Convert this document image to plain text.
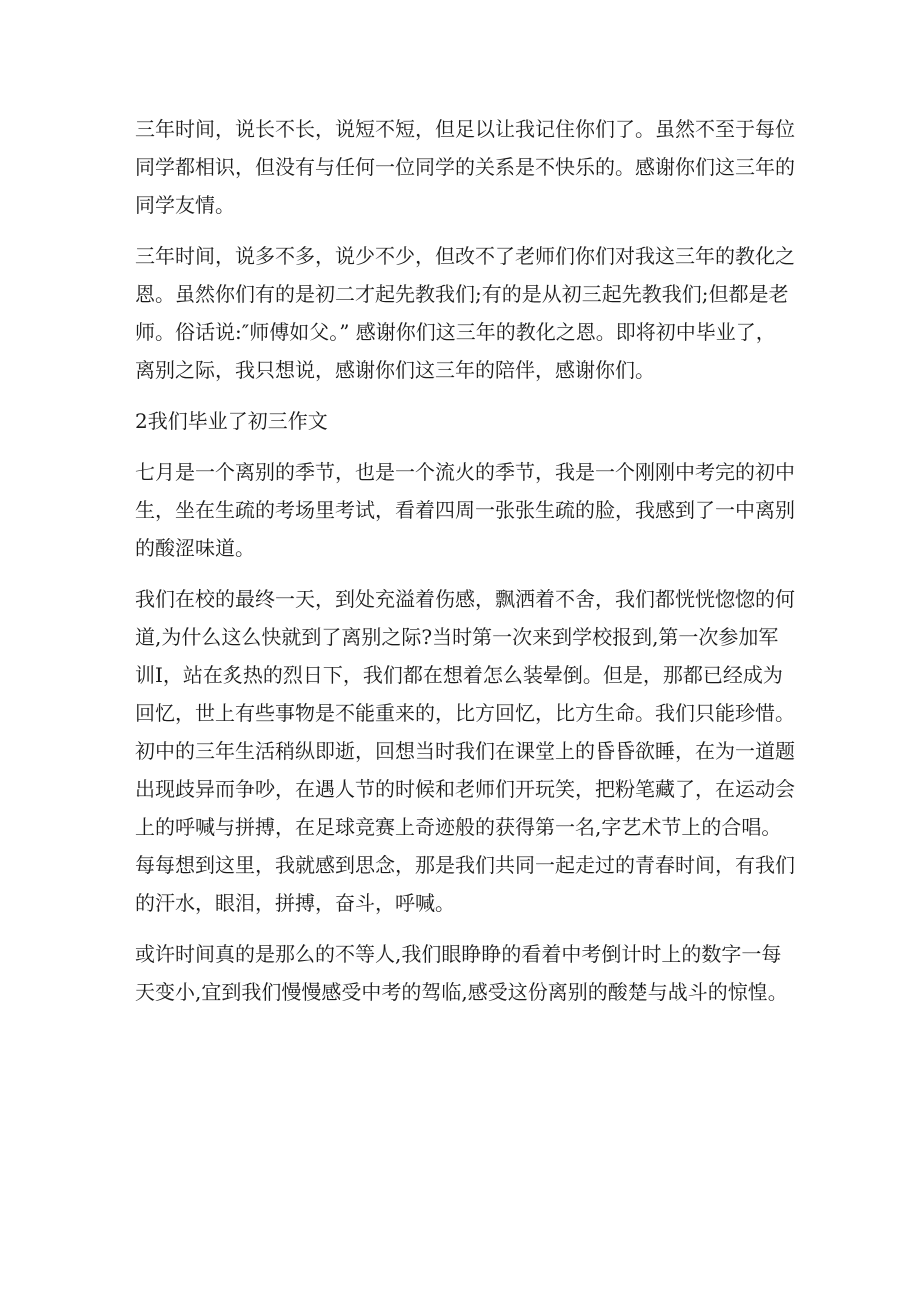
三年时间，说长不长，说短不短，但足以让我记住你们了。虽然不至于每位
同学都相识，但没有与任何一位同学的关系是不快乐的。感谢你们这三年的
同学友情。
三年时间，说多不多，说少不少，但改不了老师们你们对我这三年的教化之
恩。虽然你们有的是初二才起先教我们;有的是从初三起先教我们;但都是老
师。俗话说:″师傅如父。” 感谢你们这三年的教化之恩。即将初中毕业了，
离别之际，我只想说，感谢你们这三年的陪伴，感谢你们。
2我们毕业了初三作文
七月是一个离别的季节，也是一个流火的季节，我是一个刚刚中考完的初中
生，坐在生疏的考场里考试，看着四周一张张生疏的脸，我感到了一中离别
的酸涩味道。
我们在校的最终一天，到处充溢着伤感，飘洒着不舍，我们都恍恍惚惚的何
道,为什么这么快就到了离别之际?当时第一次来到学校报到,第一次参加军
训I，站在炙热的烈日下，我们都在想着怎么装晕倒。但是，那都已经成为
回忆，世上有些事物是不能重来的，比方回忆，比方生命。我们只能珍惜。
初中的三年生活稍纵即逝，回想当时我们在课堂上的昏昏欲睡，在为一道题
出现歧异而争吵，在遇人节的时候和老师们开玩笑，把粉笔藏了，在运动会
上的呼喊与拼搏，在足球竞赛上奇迹般的获得第一名,字艺术节上的合唱。
每每想到这里，我就感到思念，那是我们共同一起走过的青春时间，有我们
的汗水，眼泪，拼搏，奋斗，呼喊。
或许时间真的是那么的不等人,我们眼睁睁的看着中考倒计时上的数字一每
天变小,宜到我们慢慢感受中考的驾临,感受这份离别的酸楚与战斗的惊惶。
